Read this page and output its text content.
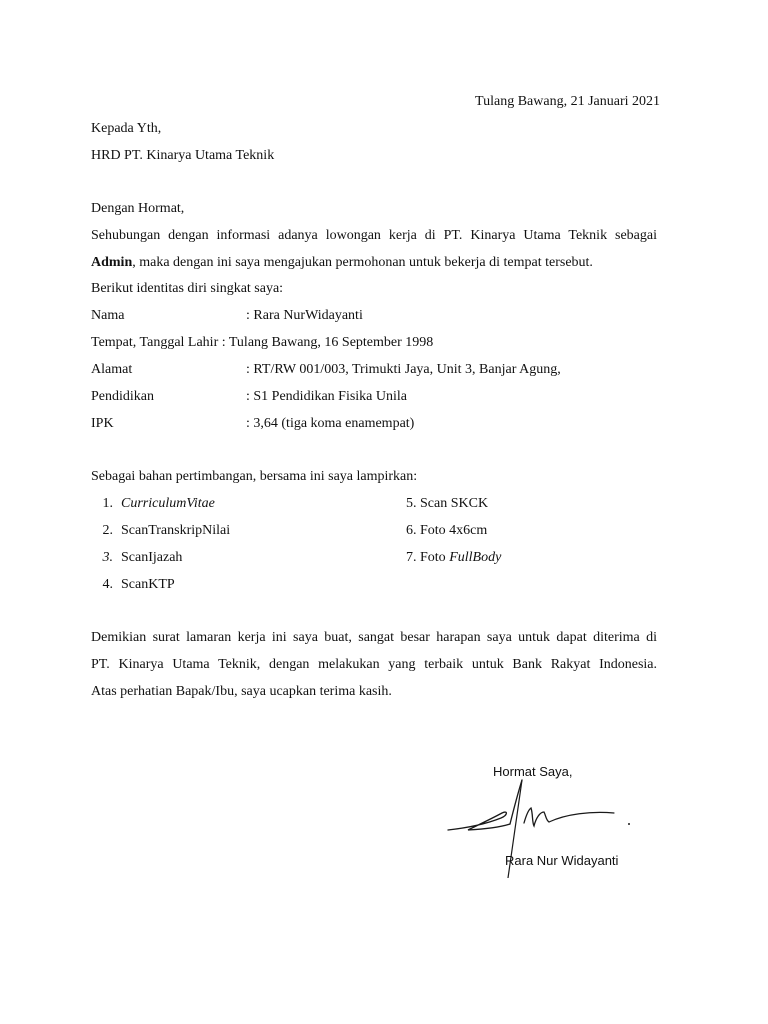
Tulang Bawang, 21 Januari 2021
Kepada Yth,
HRD PT. Kinarya Utama Teknik
Dengan Hormat,
Sehubungan dengan informasi adanya lowongan kerja di PT. Kinarya Utama Teknik sebagai
Admin, maka dengan ini saya mengajukan permohonan untuk bekerja di tempat tersebut.
Berikut identitas diri singkat saya:
Nama	: Rara NurWidayanti
Tempat, Tanggal Lahir : Tulang Bawang, 16 September 1998
Alamat	: RT/RW 001/003, Trimukti Jaya, Unit 3, Banjar Agung,
Pendidikan	: S1 Pendidikan Fisika Unila
IPK	: 3,64 (tiga koma enamempat)
Sebagai bahan pertimbangan, bersama ini saya lampirkan:
1. CurriculumVitae
2. ScanTranskripNilai
3. ScanIjazah
4. ScanKTP
5. Scan SKCK
6. Foto 4x6cm
7. Foto FullBody
Demikian surat lamaran kerja ini saya buat, sangat besar harapan saya untuk dapat diterima di
PT. Kinarya Utama Teknik, dengan melakukan yang terbaik untuk Bank Rakyat Indonesia.
Atas perhatian Bapak/Ibu, saya ucapkan terima kasih.
Hormat Saya,
Rara Nur Widayanti
